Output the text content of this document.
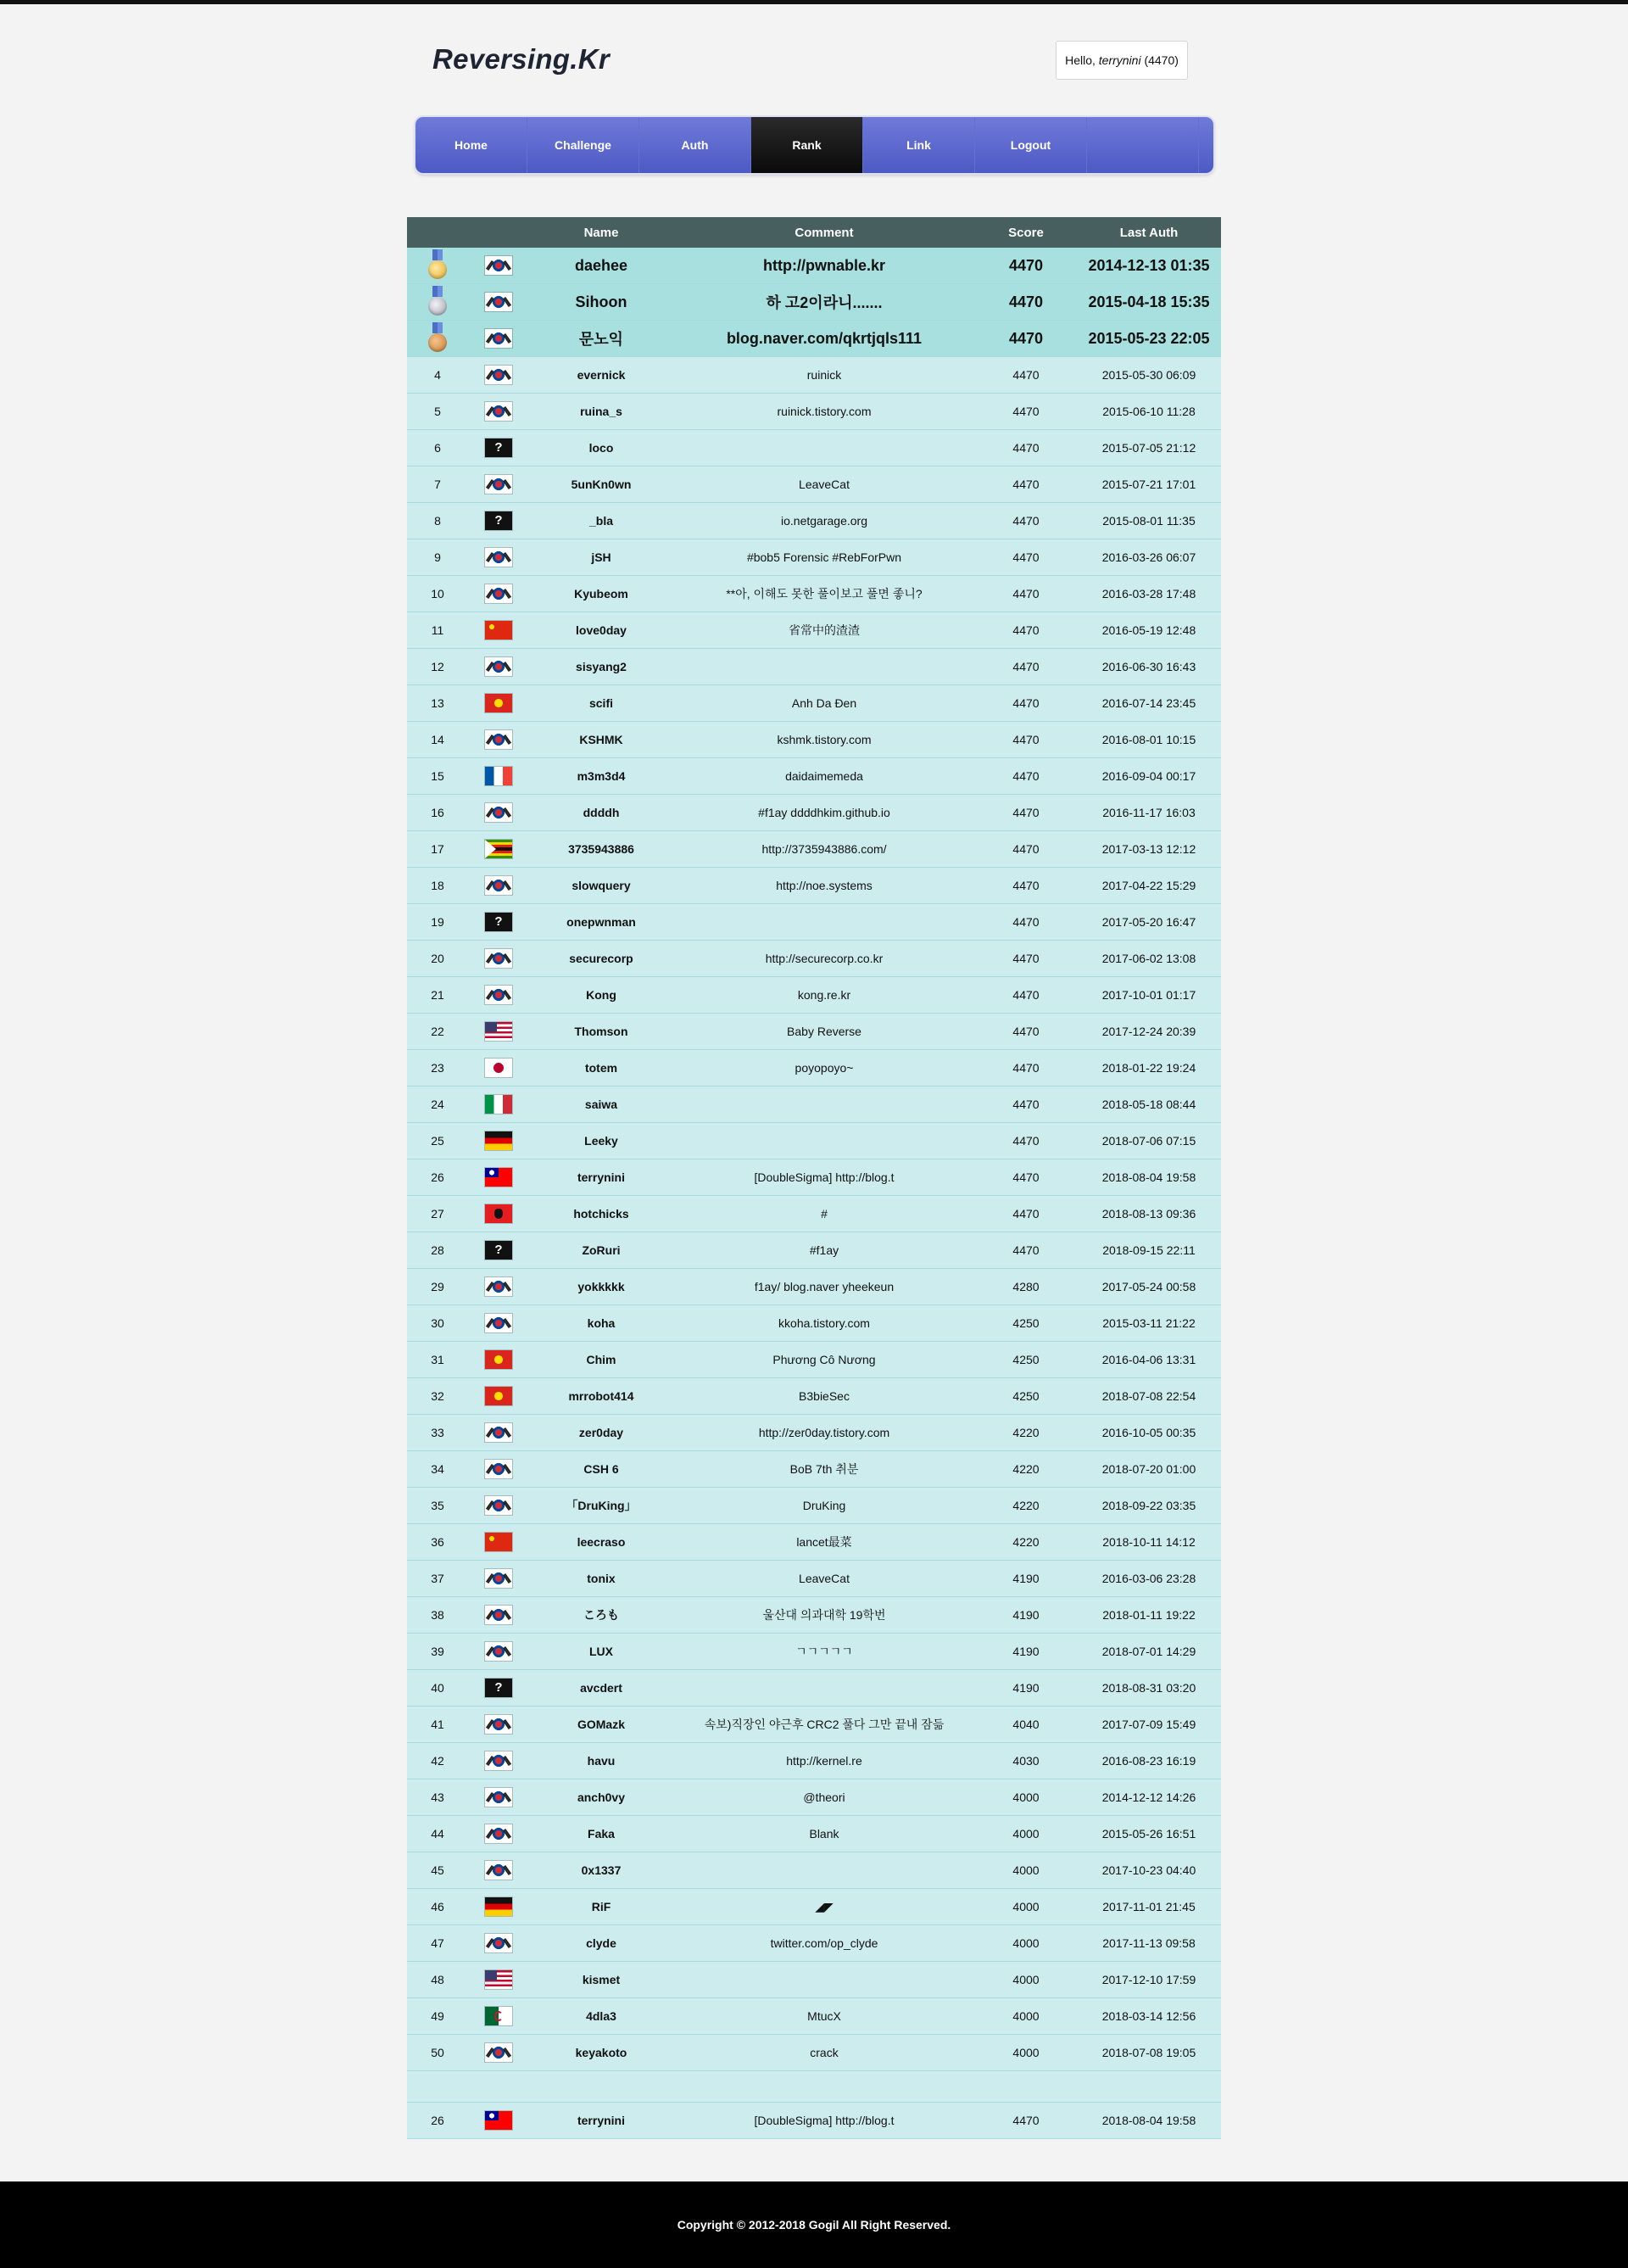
Reversing.Kr	Hello, terrynini (4470)
Home	Challenge	Auth	Rank	Link	Logout
		Name	Comment	Score	Last Auth
		daehee	http://pwnable.kr	4470	2014-12-13 01:35
		Sihoon	하 고2이라니.......	4470	2015-04-18 15:35
		문노익	blog.naver.com/qkrtjqls111	4470	2015-05-23 22:05
4		evernick	ruinick	4470	2015-05-30 06:09
5		ruina_s	ruinick.tistory.com	4470	2015-06-10 11:28
6	?	loco		4470	2015-07-05 21:12
7		5unKn0wn	LeaveCat	4470	2015-07-21 17:01
8	?	_bla	io.netgarage.org	4470	2015-08-01 11:35
9		jSH	#bob5 Forensic #RebForPwn	4470	2016-03-26 06:07
10		Kyubeom	**아, 이해도 못한 풀이보고 풀면 좋니?	4470	2016-03-28 17:48
11		love0day	省常中的渣渣	4470	2016-05-19 12:48
12		sisyang2		4470	2016-06-30 16:43
13		scifi	Anh Da Đen	4470	2016-07-14 23:45
14		KSHMK	kshmk.tistory.com	4470	2016-08-01 10:15
15		m3m3d4	daidaimemeda	4470	2016-09-04 00:17
16		ddddh	#f1ay ddddhkim.github.io	4470	2016-11-17 16:03
17		3735943886	http://3735943886.com/	4470	2017-03-13 12:12
18		slowquery	http://noe.systems	4470	2017-04-22 15:29
19	?	onepwnman		4470	2017-05-20 16:47
20		securecorp	http://securecorp.co.kr	4470	2017-06-02 13:08
21		Kong	kong.re.kr	4470	2017-10-01 01:17
22		Thomson	Baby Reverse	4470	2017-12-24 20:39
23		totem	poyopoyo~	4470	2018-01-22 19:24
24		saiwa		4470	2018-05-18 08:44
25		Leeky		4470	2018-07-06 07:15
26		terrynini	[DoubleSigma] http://blog.t	4470	2018-08-04 19:58
27		hotchicks	#	4470	2018-08-13 09:36
28	?	ZoRuri	#f1ay	4470	2018-09-15 22:11
29		yokkkkk	f1ay/ blog.naver yheekeun	4280	2017-05-24 00:58
30		koha	kkoha.tistory.com	4250	2015-03-11 21:22
31		Chim	Phương Cô Nương	4250	2016-04-06 13:31
32		mrrobot414	B3bieSec	4250	2018-07-08 22:54
33		zer0day	http://zer0day.tistory.com	4220	2016-10-05 00:35
34		CSH 6	BoB 7th 취분	4220	2018-07-20 01:00
35		「DruKing」	DruKing	4220	2018-09-22 03:35
36		leecraso	lancet最菜	4220	2018-10-11 14:12
37		tonix	LeaveCat	4190	2016-03-06 23:28
38		ころも	울산대 의과대학 19학번	4190	2018-01-11 19:22
39		LUX	ㄱㄱㄱㄱㄱ	4190	2018-07-01 14:29
40	?	avcdert		4190	2018-08-31 03:20
41		GOMazk	속보)직장인 야근후 CRC2 풀다 그만 끝내 잠듦	4040	2017-07-09 15:49
42		havu	http://kernel.re	4030	2016-08-23 16:19
43		anch0vy	@theori	4000	2014-12-12 14:26
44		Faka	Blank	4000	2015-05-26 16:51
45		0x1337		4000	2017-10-23 04:40
46		RiF	◢◤	4000	2017-11-01 21:45
47		clyde	twitter.com/op_clyde	4000	2017-11-13 09:58
48		kismet		4000	2017-12-10 17:59
49		4dla3	MtucX	4000	2018-03-14 12:56
50		keyakoto	crack	4000	2018-07-08 19:05

26		terrynini	[DoubleSigma] http://blog.t	4470	2018-08-04 19:58
Copyright © 2012-2018 Gogil All Right Reserved.
